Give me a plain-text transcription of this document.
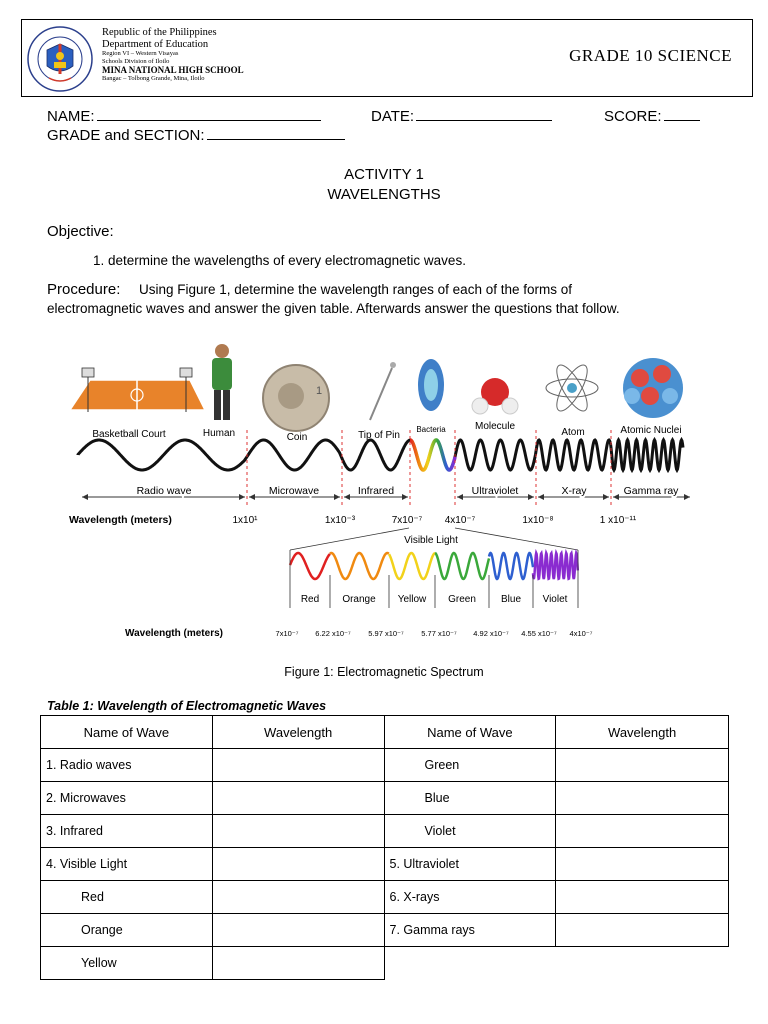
Republic of the Philippines
Department of Education
Region VI – Western Visayas
Schools Division of Iloilo
MINA NATIONAL HIGH SCHOOL
Bangac – Tolbong Grande, Mina, Iloilo
GRADE 10 SCIENCE
NAME:	DATE:	SCORE:
GRADE and SECTION:
ACTIVITY 1
WAVELENGTHS
Objective:
1. determine the wavelengths of every electromagnetic waves.
Procedure: Using Figure 1, determine the wavelength ranges of each of the forms of
electromagnetic waves and answer the given table. Afterwards answer the questions that follow.
1
Basketball Court	Human	Coin	Tip of Pin
Bacteria	Molecule
Atom	Atomic Nuclei
Radio wave	Microwave	Infrared	Ultraviolet	X-ray	Gamma ray
Wavelength (meters)	1x10¹	1x10⁻³	7x10⁻⁷ 4x10⁻⁷	1x10⁻⁸	1 x10⁻¹¹
Visible Light
Red Orange Yellow Green	Blue Violet
Wavelength (meters)	7x10⁻⁷ 6.22 x10⁻⁷ 5.97 x10⁻⁷ 5.77 x10⁻⁷ 4.92 x10⁻⁷ 4.55 x10⁻⁷ 4x10⁻⁷
Figure 1: Electromagnetic Spectrum
Table 1: Wavelength of Electromagnetic Waves
Name of Wave	Wavelength	Name of Wave	Wavelength
1. Radio waves		Green	
2. Microwaves		Blue	
3. Infrared		Violet	
4. Visible Light		5. Ultraviolet	
Red		6. X-rays	
Orange		7. Gamma rays	
Yellow			
